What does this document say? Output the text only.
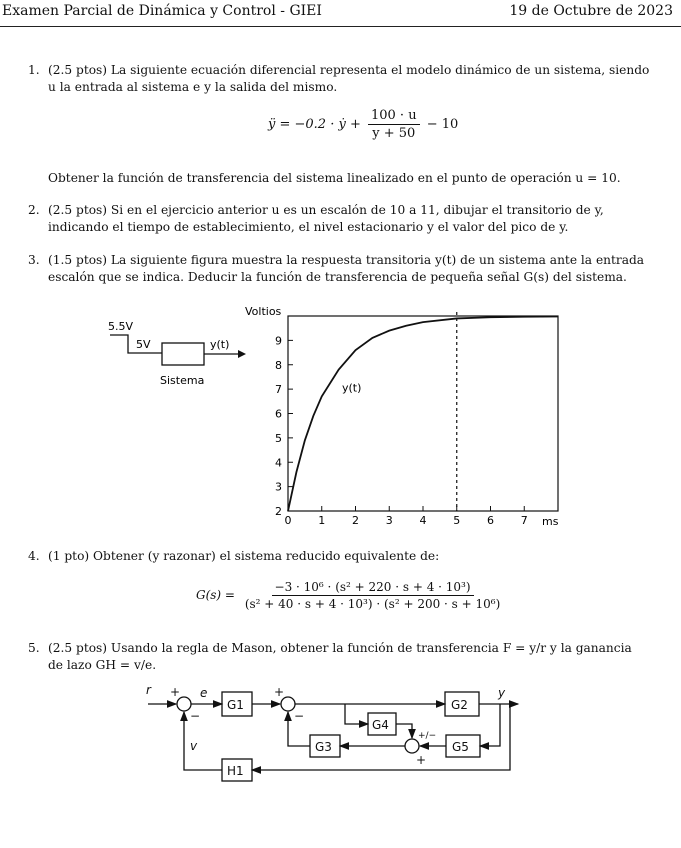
Examen Parcial de Dinámica y Control - GIEI	19 de Octubre de 2023
1. (2.5 ptos) La siguiente ecuación diferencial representa el modelo dinámico de un sistema, siendo
u la entrada al sistema e y la salida del mismo.
ÿ = −0.2 · ẏ + $\frac{100 \cdot u}{y + 50} - 10$
Obtener la función de transferencia del sistema linealizado en el punto de operación u = 10.
2. (2.5 ptos) Si en el ejercicio anterior u es un escalón de 10 a 11, dibujar el transitorio de y,
indicando el tiempo de establecimiento, el nivel estacionario y el valor del pico de y.
3. (1.5 ptos) La siguiente figura muestra la respuesta transitoria y(t) de un sistema ante la entrada
escalón que se indica. Deducir la función de transferencia de pequeña señal G(s) del sistema.
5.5V
5V	y(t)
Sistema
Voltios
ms
0 1 2 3 4 5 6 7
2
3
4
5
6
7
8
9
y(t)
4. (1 pto) Obtener (y razonar) el sistema reducido equivalente de:
$G(s) = \frac{\text{−3 · 10⁶ · (s² + 220 · s + 4 · 10³)}}{\text{(s² + 40 · s + 4 · 10³) · (s² + 200 · s + 10⁶)}}$
5. (2.5 ptos) Usando la regla de Mason, obtener la función de transferencia F = y/r y la ganancia
de lazo GH = v/e.
r +
−
e
G1
+
−
G2
y
G4
+/−
+
G5
G3
H1
v
